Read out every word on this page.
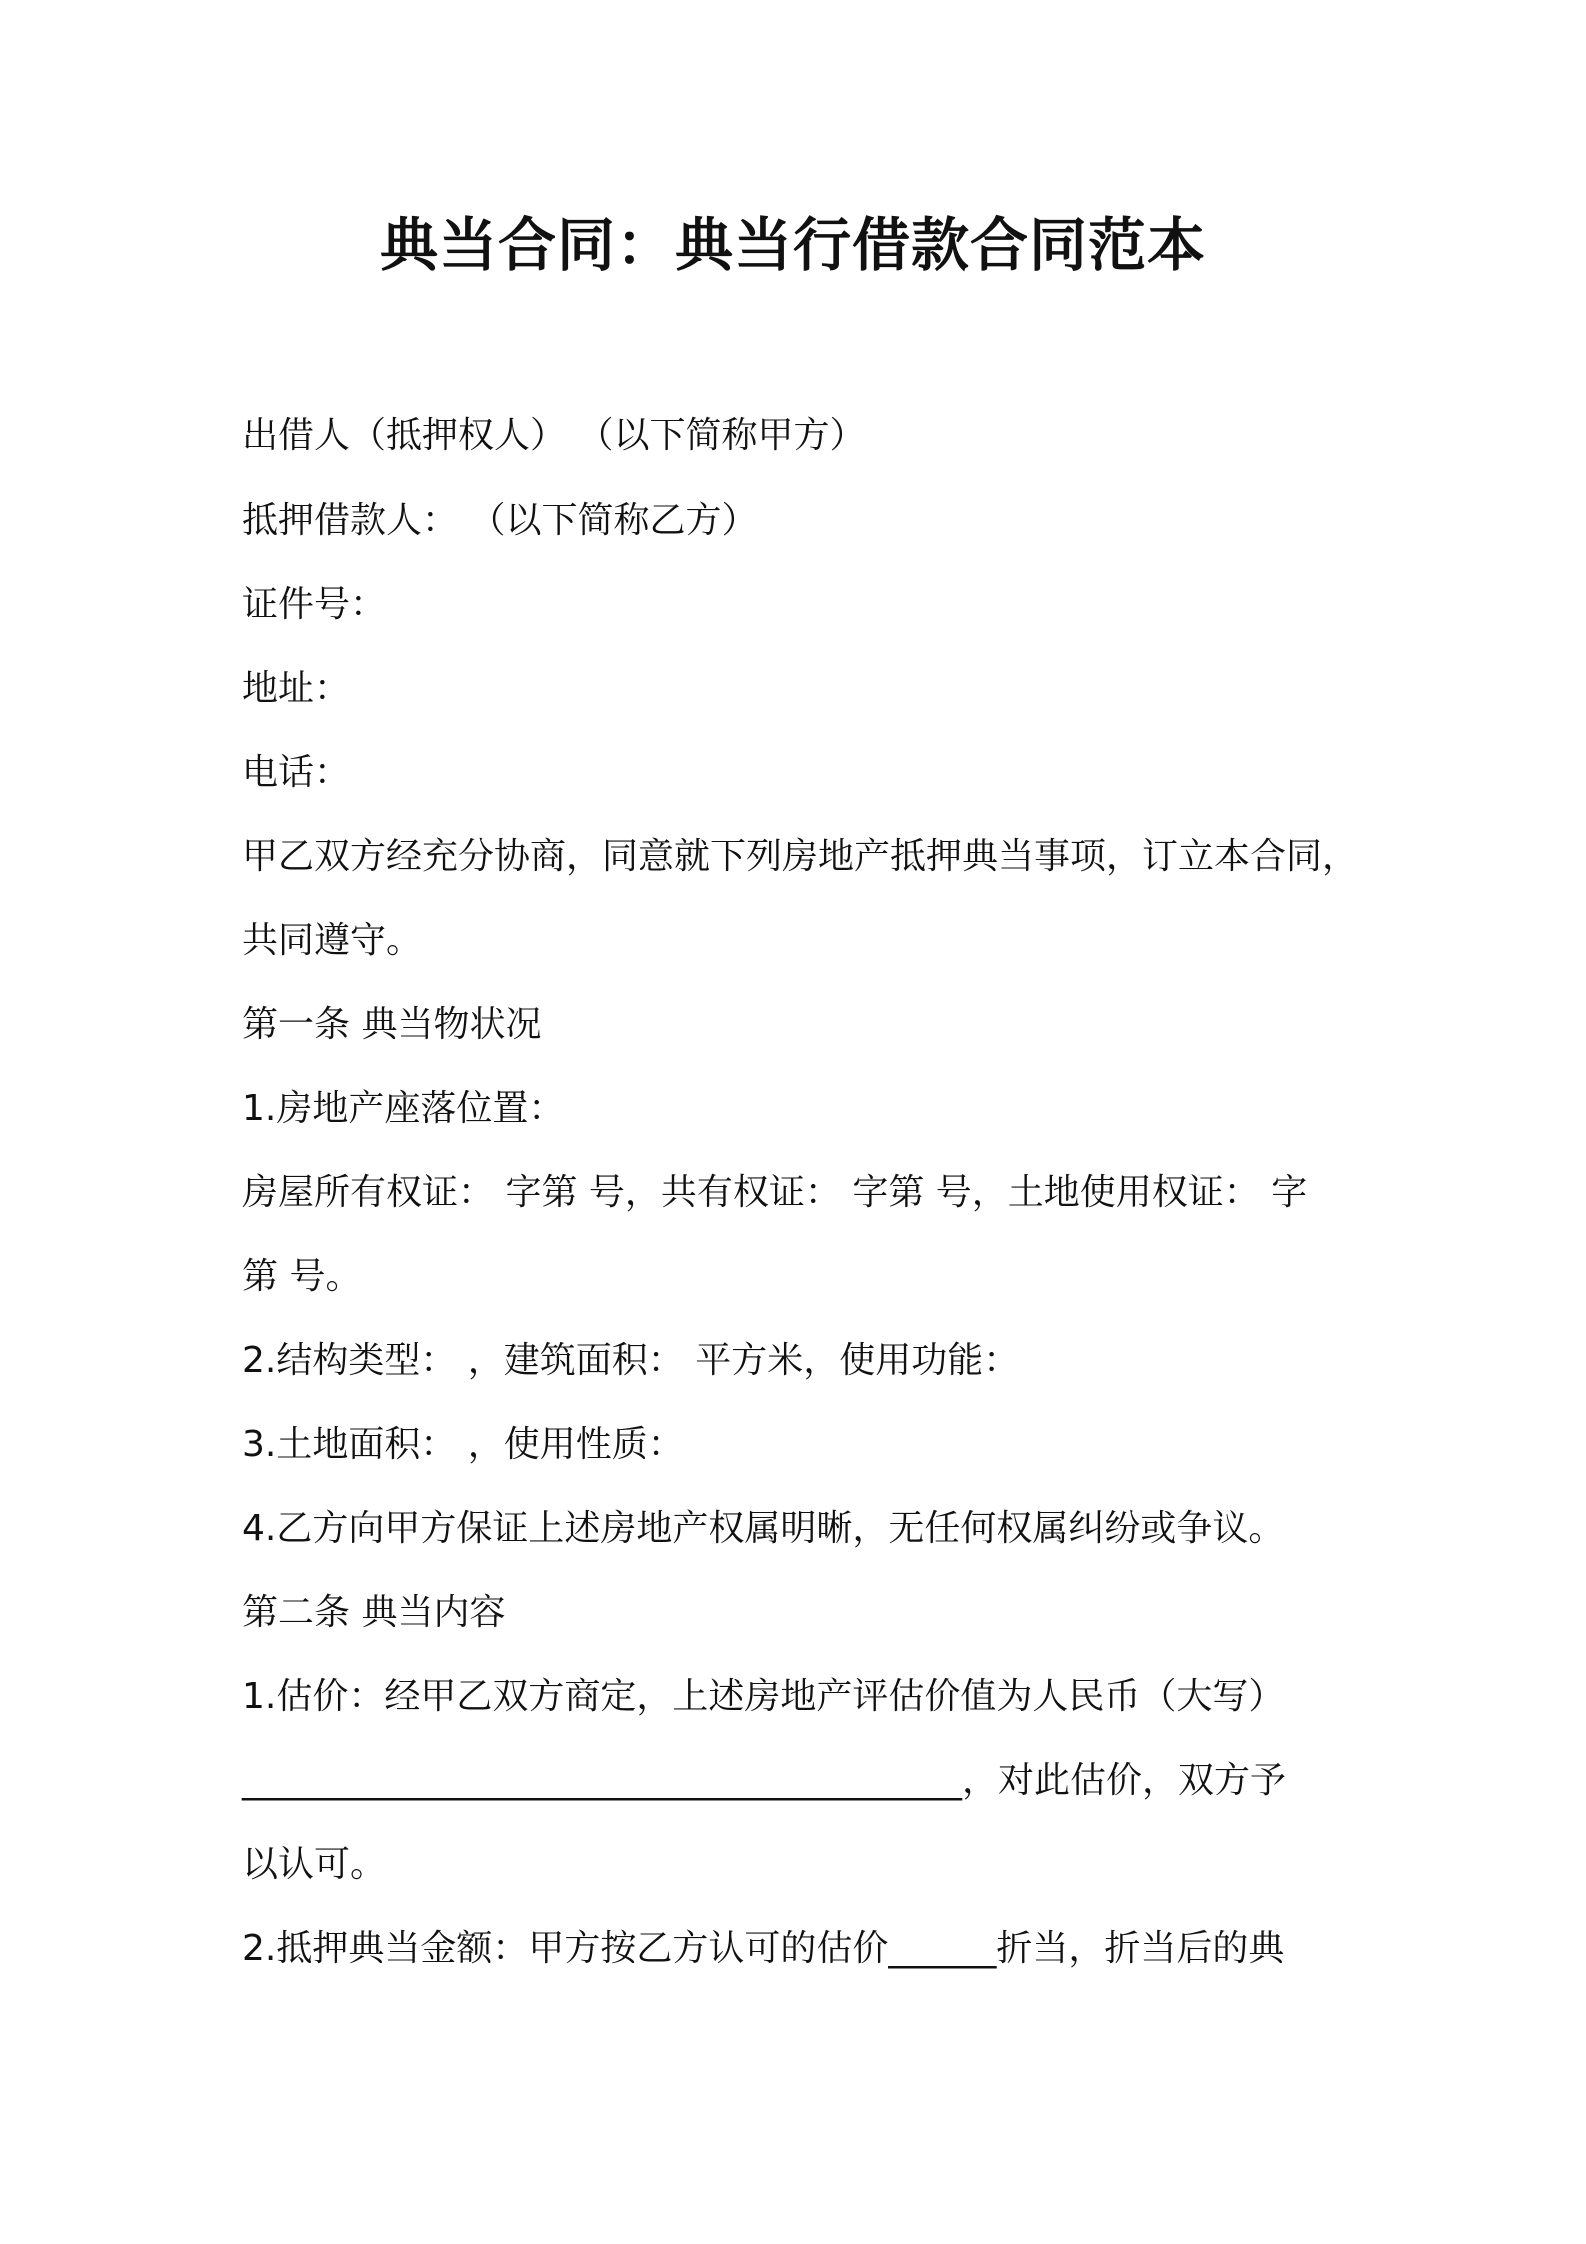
典当合同：典当行借款合同范本
出借人（抵押权人） （以下简称甲方）
抵押借款人： （以下简称乙方）
证件号：
地址：
电话：
甲乙双方经充分协商，同意就下列房地产抵押典当事项，订立本合同，
共同遵守。
第一条 典当物状况
1.房地产座落位置：
房屋所有权证： 字第 号，共有权证： 字第 号，土地使用权证： 字
第 号。
2.结构类型： ，建筑面积： 平方米，使用功能：
3.土地面积： ，使用性质：
4.乙方向甲方保证上述房地产权属明晰，无任何权属纠纷或争议。
第二条 典当内容
1.估价：经甲乙双方商定，上述房地产评估价值为人民币（大写）
________________________________________，对此估价，双方予
以认可。
2.抵押典当金额：甲方按乙方认可的估价______折当，折当后的典
